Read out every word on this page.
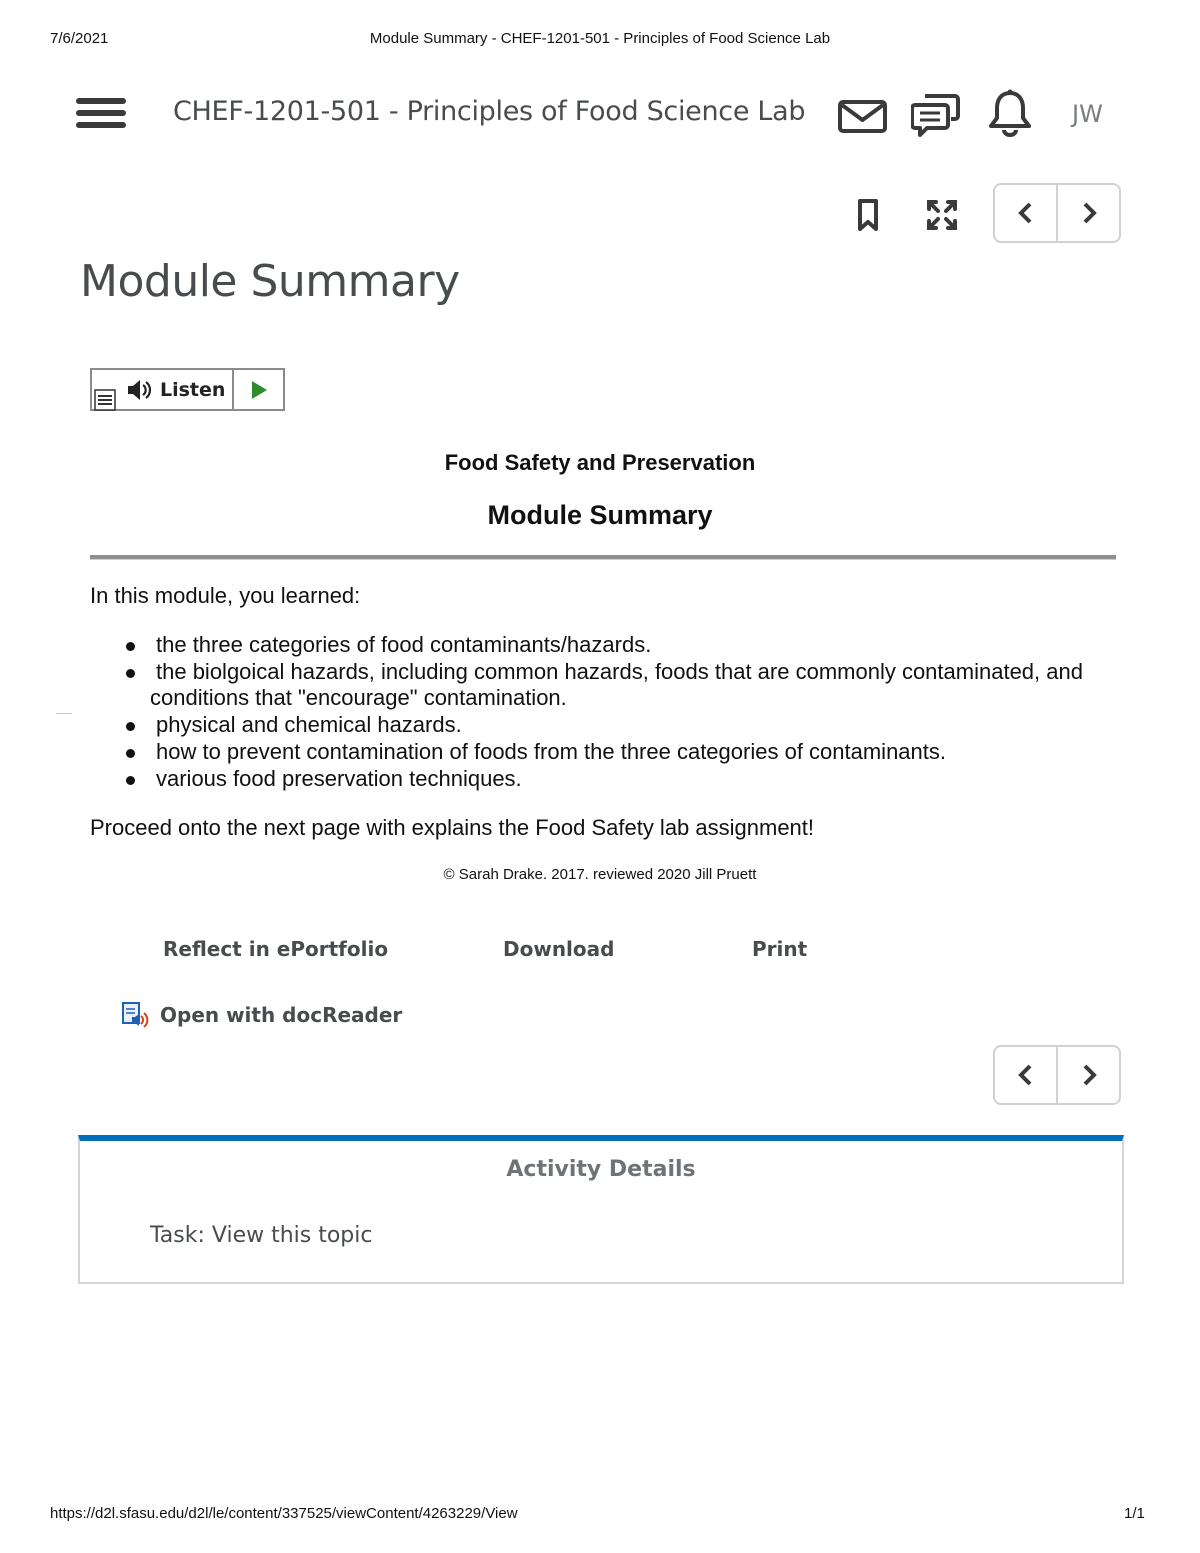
7/6/2021	Module Summary - CHEF-1201-501 - Principles of Food Science Lab
CHEF-1201-501 - Principles of Food Science Lab	JW
Module Summary
Listen
Food Safety and Preservation
Module Summary
In this module, you learned:
the three categories of food contaminants/hazards.
the biolgoical hazards, including common hazards, foods that are commonly contaminated, and conditions that "encourage" contamination.
physical and chemical hazards.
how to prevent contamination of foods from the three categories of contaminants.
various food preservation techniques.
Proceed onto the next page with explains the Food Safety lab assignment!
© Sarah Drake. 2017. reviewed 2020 Jill Pruett
Reflect in ePortfolio	Download	Print
Open with docReader
Activity Details
Task: View this topic
https://d2l.sfasu.edu/d2l/le/content/337525/viewContent/4263229/View	1/1
